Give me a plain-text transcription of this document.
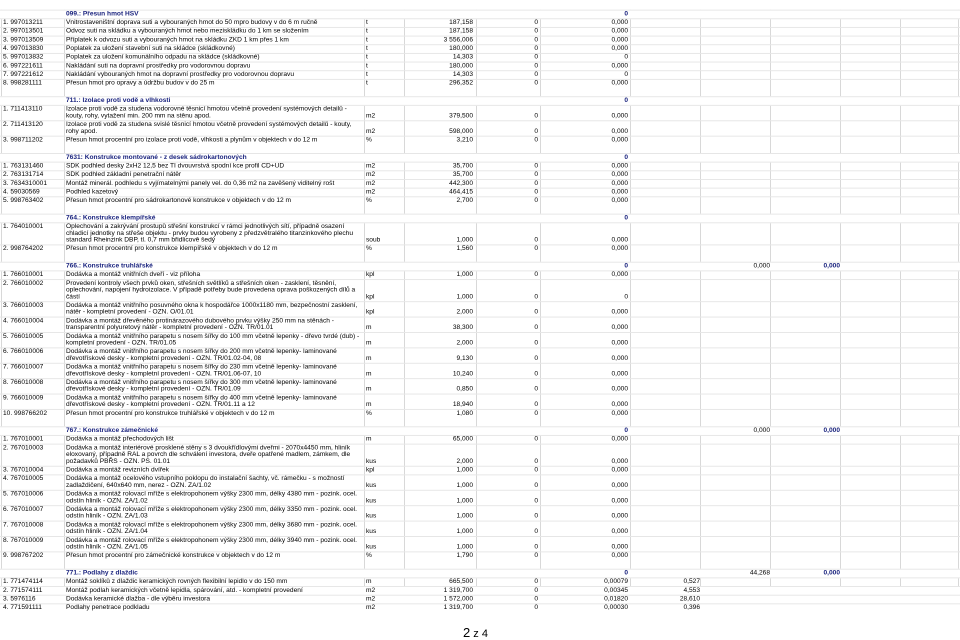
099.: Přesun hmot HSV	0
1. 997013211	Vnitrostaveništní doprava suti a vybouraných hmot do 50 mpro budovy v do 6 m ručně	t	187,158	0	0,000
2. 997013501	Odvoz suti na skládku a vybouraných hmot nebo meziskládku do 1 km se složením	t	187,158	0	0,000
3. 997013509	Příplatek k odvozu suti a vybouraných hmot na skládku ZKD 1 km přes 1 km	t	3 556,006	0	0,000
4. 997013830	Poplatek za uložení stavební suti na skládce (skládkovné)	t	180,000	0	0,000
5. 997013832	Poplatek za uložení komunálního odpadu na skládce (skládkovné)	t	14,303	0	0
6. 997221611	Nakládání suti na dopravní prostředky pro vodorovnou dopravu	t	180,000	0	0,000
7. 997221612	Nakládání vybouraných hmot na dopravní prostředky pro vodorovnou dopravu	t	14,303	0	0
8. 998281111	Přesun hmot pro opravy a údržbu budov v do 25 m	t	296,352	0	0,000
711.: Izolace proti vodě a vlhkosti	0
1. 711413110	Izolace proti vodě za studena vodorovné těsnicí hmotou včetně provedení systémových detailů - kouty, rohy, vytažení min. 200 mm na stěnu apod.	m2	379,500	0	0,000
2. 711413120	Izolace proti vodě za studena svislé těsnicí hmotou včetně provedení systémových detailů - kouty, rohy apod.	m2	598,000	0	0,000
3. 998711202	Přesun hmot procentní pro izolace proti vodě, vlhkosti a plynům v objektech v do 12 m	%	3,210	0	0,000
7631: Konstrukce montované - z desek sádrokartonových	0
1. 763131460	SDK podhled desky 2xH2 12,5 bez TI dvouvrstvá spodní kce profil CD+UD	m2	35,700	0	0,000
2. 763131714	SDK podhled základní penetrační nátěr	m2	35,700	0	0,000
3. 7634310001	Montáž minerál. podhledu s vyjímatelnými panely vel. do 0,36 m2 na zavěšený viditelný rošt	m2	442,300	0	0,000
4. 59030569	Podhled kazetový	m2	464,415	0	0,000
5. 998763402	Přesun hmot procentní pro sádrokartonové konstrukce v objektech v do 12 m	%	2,700	0	0,000
764.: Konstrukce klempířské	0
1. 764010001	Oplechování a zakrývání prostupů střešní konstrukcí v rámci jednotlivých sítí, případně osazení chladicí jednotky na střeše objektu - prvky budou vyrobeny z předzvětralého titanzinkového plechu standard Rheinzink DBP, tl. 0,7 mm břidlicově šedý	soub	1,000	0	0,000
2. 998764202	Přesun hmot procentní pro konstrukce klempířské v objektech v do 12 m	%	1,560	0	0,000
766.: Konstrukce truhlářské	0	0,000	0,000
1. 766010001	Dodávka a montáž vnitřních dveří - viz příloha	kpl	1,000	0	0,000
2. 766010002	Provedení kontroly všech prvků oken, střešních světlíků a střešních oken - zasklení, těsnění, oplechování, napojení hydroizolace. V případě potřeby bude provedena oprava poškozených dílů a částí	kpl	1,000	0	0
3. 766010003	Dodávka a montáž vnitřního posuvného okna k hospodářce 1000x1180 mm, bezpečnostní zasklení, nátěr - kompletní provedení - OZN. O/01.01	kpl	2,000	0	0,000
4. 766010004	Dodávka a montáž dřevěného protinárazového dubového prvku výšky 250 mm na stěnách - transparentní polyuretový nátěr - kompletní provedení - OZN. TR/01.01	m	38,300	0	0,000
5. 766010005	Dodávka a montáž vnitřního parapetu s nosem šířky do 100 mm včetně lepenky - dřevo tvrdé (dub) - kompletní provedení - OZN. TR/01.05	m	2,000	0	0,000
6. 766010006	Dodávka a montáž vnitřního parapetu s nosem šířky do 200 mm včetně lepenky- laminované dřevotřískové desky - kompletní provedení - OZN. TR/01.02-04, 08	m	9,130	0	0,000
7. 766010007	Dodávka a montáž vnitřního parapetu s nosem šířky do 230 mm včetně lepenky- laminované dřevotřískové desky - kompletní provedení - OZN. TR/01.06-07, 10	m	10,240	0	0,000
8. 766010008	Dodávka a montáž vnitřního parapetu s nosem šířky do 300 mm včetně lepenky- laminované dřevotřískové desky - kompletní provedení - OZN. TR/01.09	m	0,850	0	0,000
9. 766010009	Dodávka a montáž vnitřního parapetu s nosem šířky do 400 mm včetně lepenky- laminované dřevotřískové desky - kompletní provedení - OZN. TR/01.11 a 12	m	18,940	0	0,000
10. 998766202	Přesun hmot procentní pro konstrukce truhlářské v objektech v do 12 m	%	1,080	0	0,000
767.: Konstrukce zámečnické	0	0,000	0,000
1. 767010001	Dodávka a montáž přechodových lišt	m	65,000	0	0,000
2. 767010003	Dodávka a montáž interiérové prosklené stěny s 3 dvoukřídlovými dveřmi - 2070x4450 mm, hliník eloxovaný, případně RAL a povrch dle schválení investora, dveře opatřené madlem, zámkem, dle požadavků PBŘS - OZN. PS. 01.01	kus	2,000	0	0,000
3. 767010004	Dodávka a montáž revizních dvířek	kpl	1,000	0	0,000
4. 767010005	Dodávka a montáž ocelového vstupního poklopu do instalační šachty, vč. rámečku - s možností zadlaždičení, 640x640 mm, nerez - OZN. ZA/1.02	kus	1,000	0	0,000
5. 767010006	Dodávka a montáž rolovací mříže s elektropohonem výšky 2300 mm, délky 4380 mm - pozink. ocel. odstín hliník - OZN. ZA/1.02	kus	1,000	0	0,000
6. 767010007	Dodávka a montáž rolovací mříže s elektropohonem výšky 2300 mm, délky 3350 mm - pozink. ocel. odstín hliník - OZN. ZA/1.03	kus	1,000	0	0,000
7. 767010008	Dodávka a montáž rolovací mříže s elektropohonem výšky 2300 mm, délky 3680 mm - pozink. ocel. odstín hliník - OZN. ZA/1.04	kus	1,000	0	0,000
8. 767010009	Dodávka a montáž rolovací mříže s elektropohonem výšky 2300 mm, délky 3940 mm - pozink. ocel. odstín hliník - OZN. ZA/1.05	kus	1,000	0	0,000
9. 998767202	Přesun hmot procentní pro zámečnické konstrukce v objektech v do 12 m	%	1,790	0	0,000
771.: Podlahy z dlaždic	0	44,268	0,000
1. 771474114	Montáž soklíků z dlaždic keramických rovných flexibilní lepidlo v do 150 mm	m	665,500	0	0,00079	0,527
2. 771574111	Montáž podlah keramických včetně lepidla, spárování, atd. - kompletní provedení	m2	1 319,700	0	0,00345	4,553
3. 5976116	Dodávka keramické dlažba - dle výběru investora	m2	1 572,000	0	0,01820	28,610
4. 771591111	Podlahy penetrace podkladu	m2	1 319,700	0	0,00030	0,396
2 z 4
